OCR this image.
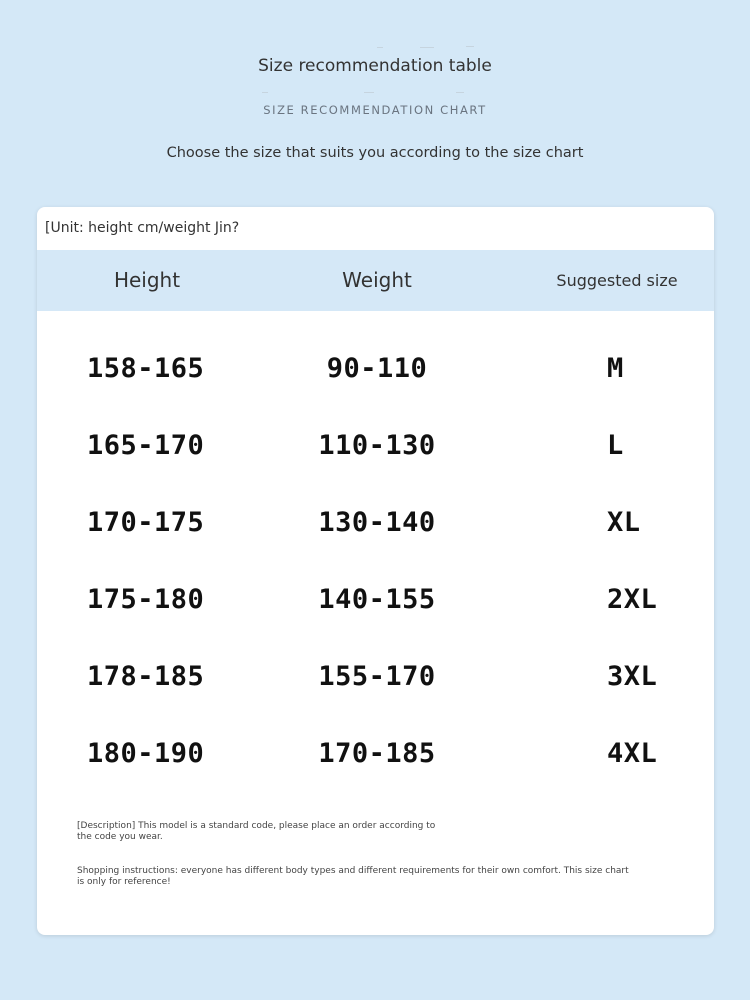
Size recommendation table
SIZE RECOMMENDATION CHART
Choose the size that suits you according to the size chart
[Unit: height cm/weight Jin?
Height	Weight	Suggested size
158-165	90-110	M
165-170	110-130	L
170-175	130-140	XL
175-180	140-155	2XL
178-185	155-170	3XL
180-190	170-185	4XL
[Description] This model is a standard code, please place an order according to the code you wear.
Shopping instructions: everyone has different body types and different requirements for their own comfort. This size chart is only for reference!
